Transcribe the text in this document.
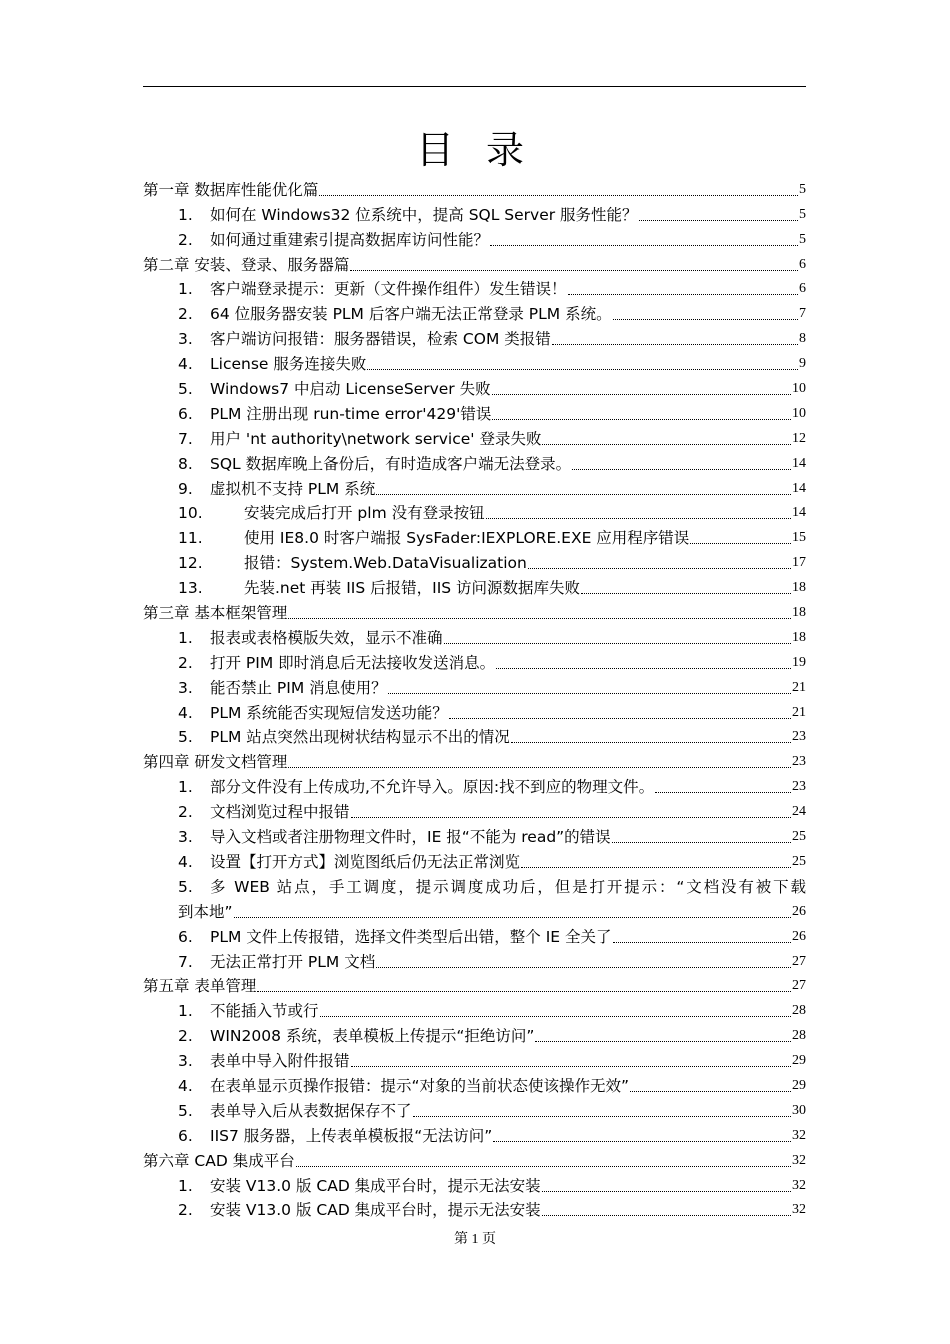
目 录
第一章 数据库性能优化篇	5
1.	如何在 Windows32 位系统中，提高 SQL Server 服务性能？	5
2.	如何通过重建索引提高数据库访问性能？	5
第二章 安装、登录、服务器篇	6
1.	客户端登录提示：更新（文件操作组件）发生错误！	6
2.	64 位服务器安装 PLM 后客户端无法正常登录 PLM 系统。	7
3.	客户端访问报错：服务器错误，检索 COM 类报错	8
4.	License 服务连接失败	9
5.	Windows7 中启动 LicenseServer 失败	10
6.	PLM 注册出现 run-time error'429'错误	10
7.	用户 'nt authority\network service' 登录失败	12
8.	SQL 数据库晚上备份后，有时造成客户端无法登录。	14
9.	虚拟机不支持 PLM 系统	14
10.	安装完成后打开 plm 没有登录按钮	14
11.	使用 IE8.0 时客户端报 SysFader:IEXPLORE.EXE 应用程序错误	15
12.	报错：System.Web.DataVisualization	17
13.	先装.net 再装 IIS 后报错，IIS 访问源数据库失败	18
第三章 基本框架管理	18
1.	报表或表格模版失效，显示不准确	18
2.	打开 PIM 即时消息后无法接收发送消息。	19
3.	能否禁止 PIM 消息使用？	21
4.	PLM 系统能否实现短信发送功能？	21
5.	PLM 站点突然出现树状结构显示不出的情况	23
第四章 研发文档管理	23
1.	部分文件没有上传成功,不允许导入。原因:找不到应的物理文件。	23
2.	文档浏览过程中报错	24
3.	导入文档或者注册物理文件时，IE 报“不能为 read”的错误	25
4.	设置【打开方式】浏览图纸后仍无法正常浏览	25
5.	多 WEB 站点，手工调度，提示调度成功后，但是打开提示：“文档没有被下载
到本地”	26
6.	PLM 文件上传报错，选择文件类型后出错，整个 IE 全关了	26
7.	无法正常打开 PLM 文档	27
第五章 表单管理	27
1.	不能插入节或行	28
2.	WIN2008 系统，表单模板上传提示“拒绝访问”	28
3.	表单中导入附件报错	29
4.	在表单显示页操作报错：提示“对象的当前状态使该操作无效”	29
5.	表单导入后从表数据保存不了	30
6.	IIS7 服务器，上传表单模板报“无法访问”	32
第六章 CAD 集成平台	32
1.	安装 V13.0 版 CAD 集成平台时，提示无法安装	32
2.	安装 V13.0 版 CAD 集成平台时，提示无法安装	32
第 1 页
